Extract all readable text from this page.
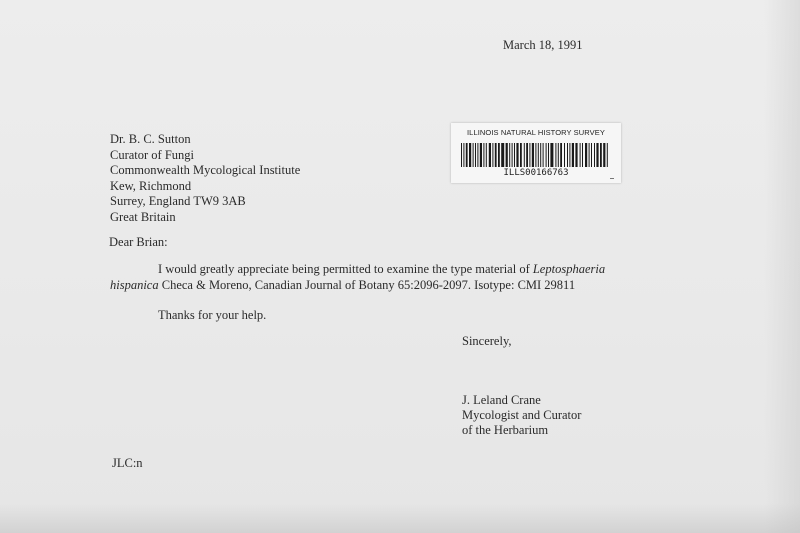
March 18, 1991
Dr. B. C. Sutton
Curator of Fungi
Commonwealth Mycological Institute
Kew, Richmond
Surrey, England TW9 3AB
Great Britain
ILLINOIS NATURAL HISTORY SURVEY
ILLS00166763
Dear Brian:
I would greatly appreciate being permitted to examine the type material of Leptosphaeria
hispanica Checa & Moreno, Canadian Journal of Botany 65:2096-2097. Isotype: CMI 29811
Thanks for your help.
Sincerely,
J. Leland Crane
Mycologist and Curator
of the Herbarium
JLC:n
